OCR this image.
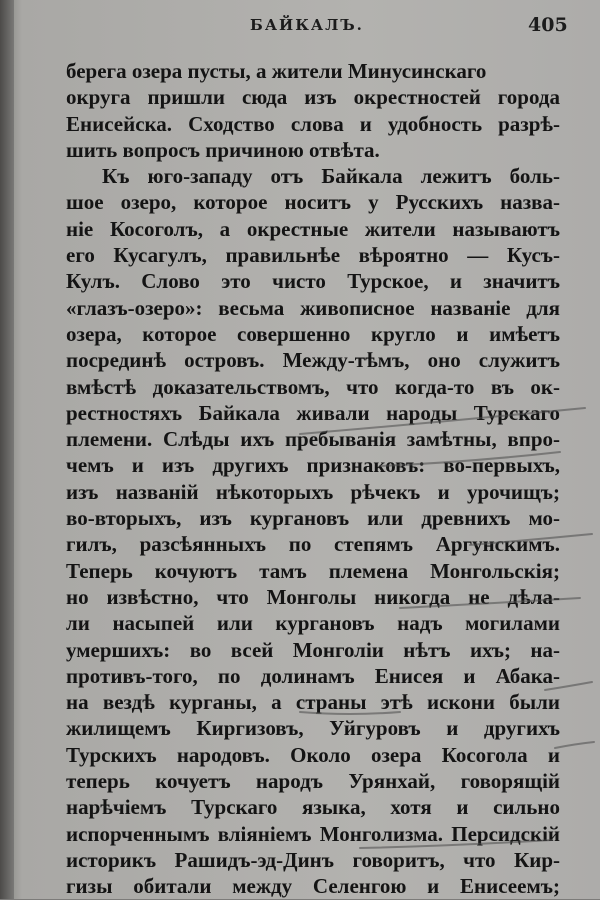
БАЙКАЛЪ.	405
берега озера пусты, а жители Минусинскаго
округа пришли сюда изъ окрестностей города
Енисейска. Сходство слова и удобность разрѣ-
шить вопросъ причиною отвѣта.
Къ юго-западу отъ Байкала лежитъ боль-
шое озеро, которое носитъ у Русскихъ назва-
нiе Косоголъ, а окрестные жители называютъ
его Кусагулъ, правильнѣе вѣроятно — Кусъ-
Кулъ. Слово это чисто Турское, и значитъ
«глазъ-озеро»: весьма живописное названiе для
озера, которое совершенно кругло и имѣетъ
посрединѣ островъ. Между-тѣмъ, оно служитъ
вмѣстѣ доказательствомъ, что когда-то въ ок-
рестностяхъ Байкала живали народы Турскаго
племени. Слѣды ихъ пребыванiя замѣтны, впро-
чемъ и изъ другихъ признаковъ: во-первыхъ,
изъ названiй нѣкоторыхъ рѣчекъ и урочищъ;
во-вторыхъ, изъ кургановъ или древнихъ мо-
гилъ, разсѣянныхъ по степямъ Аргунскимъ.
Теперь кочуютъ тамъ племена Монгольскiя;
но извѣстно, что Монголы никогда не дѣла-
ли насыпей или кургановъ надъ могилами
умершихъ: во всей Монголiи нѣтъ ихъ; на-
противъ-того, по долинамъ Енисея и Абака-
на вездѣ курганы, а страны этѣ искони были
жилищемъ Киргизовъ, Уйгуровъ и другихъ
Турскихъ народовъ. Около озера Косогола и
теперь кочуетъ народъ Урянхай, говорящiй
нарѣчiемъ Турскаго языка, хотя и сильно
испорченнымъ влiянiемъ Монголизма. Персидскiй
историкъ Рашидъ-эд-Динъ говоритъ, что Кир-
гизы обитали между Селенгою и Енисеемъ;
